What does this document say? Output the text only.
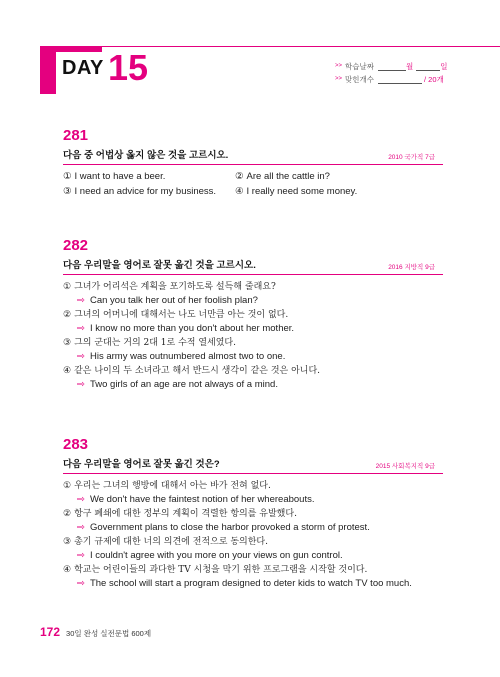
DAY 15	>> 학습날짜	월	일
>> 맞힌개수	/ 20개
281
다음 중 어법상 옳지 않은 것을 고르시오.	2010 국가직 7급
① I want to have a beer.	② Are all the cattle in?
③ I need an advice for my business.	④ I really need some money.
282
다음 우리말을 영어로 잘못 옮긴 것을 고르시오.	2016 지방직 9급
① 그녀가 어리석은 계획을 포기하도록 설득해 줄래요?
⇨ Can you talk her out of her foolish plan?
② 그녀의 어머니에 대해서는 나도 너만큼 아는 것이 없다.
⇨ I know no more than you don't about her mother.
③ 그의 군대는 거의 2대 1로 수적 열세였다.
⇨ His army was outnumbered almost two to one.
④ 같은 나이의 두 소녀라고 해서 반드시 생각이 같은 것은 아니다.
⇨ Two girls of an age are not always of a mind.
283
다음 우리말을 영어로 잘못 옮긴 것은?	2015 사회복지직 9급
① 우리는 그녀의 행방에 대해서 아는 바가 전혀 없다.
⇨ We don't have the faintest notion of her whereabouts.
② 항구 폐쇄에 대한 정부의 계획이 격렬한 항의를 유발했다.
⇨ Government plans to close the harbor provoked a storm of protest.
③ 총기 규제에 대한 너의 의견에 전적으로 동의한다.
⇨ I couldn't agree with you more on your views on gun control.
④ 학교는 어린이들의 과다한 TV 시청을 막기 위한 프로그램을 시작할 것이다.
⇨ The school will start a program designed to deter kids to watch TV too much.
172 30일 완성 실전문법 600제
